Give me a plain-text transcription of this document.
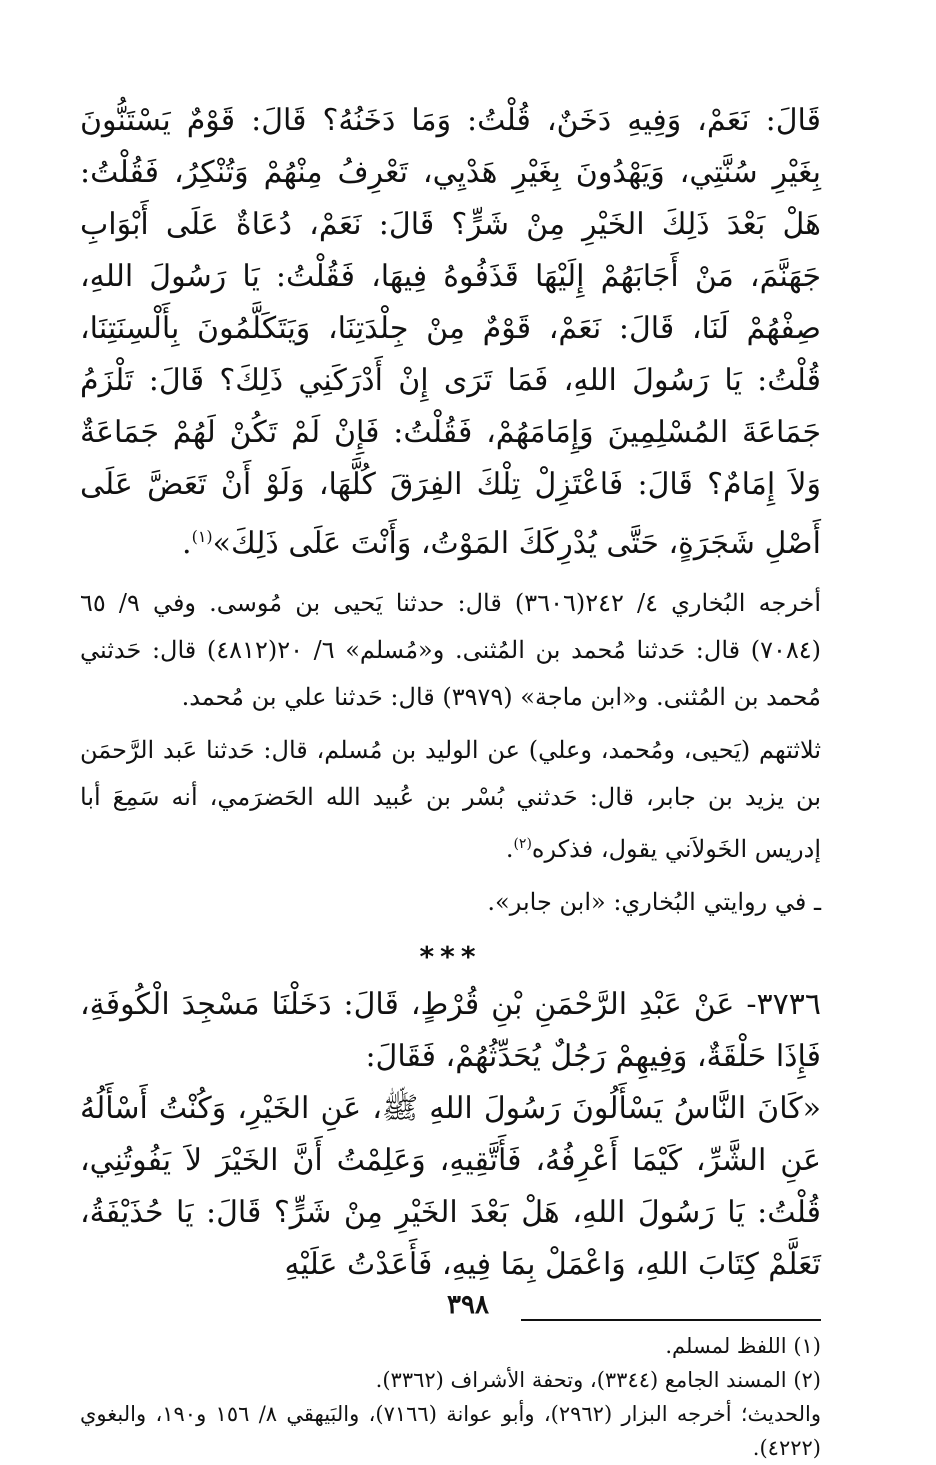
قَالَ: نَعَمْ، وَفِيهِ دَخَنٌ، قُلْتُ: وَمَا دَخَنُهُ؟ قَالَ: قَوْمٌ يَسْتَنُّونَ بِغَيْرِ سُنَّتِي، وَيَهْدُونَ بِغَيْرِ هَدْيِي، تَعْرِفُ مِنْهُمْ وَتُنْكِرُ، فَقُلْتُ: هَلْ بَعْدَ ذَلِكَ الخَيْرِ مِنْ شَرٍّ؟ قَالَ: نَعَمْ، دُعَاةٌ عَلَى أَبْوَابِ جَهَنَّمَ، مَنْ أَجَابَهُمْ إِلَيْهَا قَذَفُوهُ فِيهَا، فَقُلْتُ: يَا رَسُولَ اللهِ، صِفْهُمْ لَنَا، قَالَ: نَعَمْ، قَوْمٌ مِنْ جِلْدَتِنَا، وَيَتَكَلَّمُونَ بِأَلْسِنَتِنَا، قُلْتُ: يَا رَسُولَ اللهِ، فَمَا تَرَى إِنْ أَدْرَكَنِي ذَلِكَ؟ قَالَ: تَلْزَمُ جَمَاعَةَ المُسْلِمِينَ وَإِمَامَهُمْ، فَقُلْتُ: فَإِنْ لَمْ تَكُنْ لَهُمْ جَمَاعَةٌ وَلاَ إِمَامٌ؟ قَالَ: فَاعْتَزِلْ تِلْكَ الفِرَقَ كُلَّهَا، وَلَوْ أَنْ تَعَضَّ عَلَى أَصْلِ شَجَرَةٍ، حَتَّى يُدْرِكَكَ المَوْتُ، وَأَنْتَ عَلَى ذَلِكَ»$^{(١)}$.

أخرجه البُخاري ٤/ ٢٤٢(٣٦٠٦) قال: حدثنا يَحيى بن مُوسى. وفي ٩/ ٦٥ (٧٠٨٤) قال: حَدثنا مُحمد بن المُثنى. و«مُسلم» ٦/ ٢٠(٤٨١٢) قال: حَدثني مُحمد بن المُثنى. و«ابن ماجة» (٣٩٧٩) قال: حَدثنا علي بن مُحمد.

ثلاثتهم (يَحيى، ومُحمد، وعلي) عن الوليد بن مُسلم، قال: حَدثنا عَبد الرَّحمَن بن يزيد بن جابر، قال: حَدثني بُسْر بن عُبيد الله الحَضرَمي، أنه سَمِعَ أبا إدريس الخَولاَني يقول، فذكره$^{(٢)}$.

ـ في روايتي البُخاري: «ابن جابر».

***

٣٧٣٦- عَنْ عَبْدِ الرَّحْمَنِ بْنِ قُرْطٍ، قَالَ: دَخَلْنَا مَسْجِدَ الْكُوفَةِ، فَإِذَا حَلْقَةٌ، وَفِيهِمْ رَجُلٌ يُحَدِّثُهُمْ، فَقَالَ:

«كَانَ النَّاسُ يَسْأَلُونَ رَسُولَ اللهِ ﷺ، عَنِ الخَيْرِ، وَكُنْتُ أَسْأَلُهُ عَنِ الشَّرِّ، كَيْمَا أَعْرِفُهُ، فَأَتَّقِيهِ، وَعَلِمْتُ أَنَّ الخَيْرَ لاَ يَفُوتُنِي، قُلْتُ: يَا رَسُولَ اللهِ، هَلْ بَعْدَ الخَيْرِ مِنْ شَرٍّ؟ قَالَ: يَا حُذَيْفَةُ، تَعَلَّمْ كِتَابَ اللهِ، وَاعْمَلْ بِمَا فِيهِ، فَأَعَدْتُ عَلَيْهِ

(١) اللفظ لمسلم.

(٢) المسند الجامع (٣٣٤٤)، وتحفة الأشراف (٣٣٦٢).

والحديث؛ أخرجه البزار (٢٩٦٢)، وأبو عوانة (٧١٦٦)، والبَيهقي ٨/ ١٥٦ و١٩٠، والبغوي (٤٢٢٢).

٣٩٨
